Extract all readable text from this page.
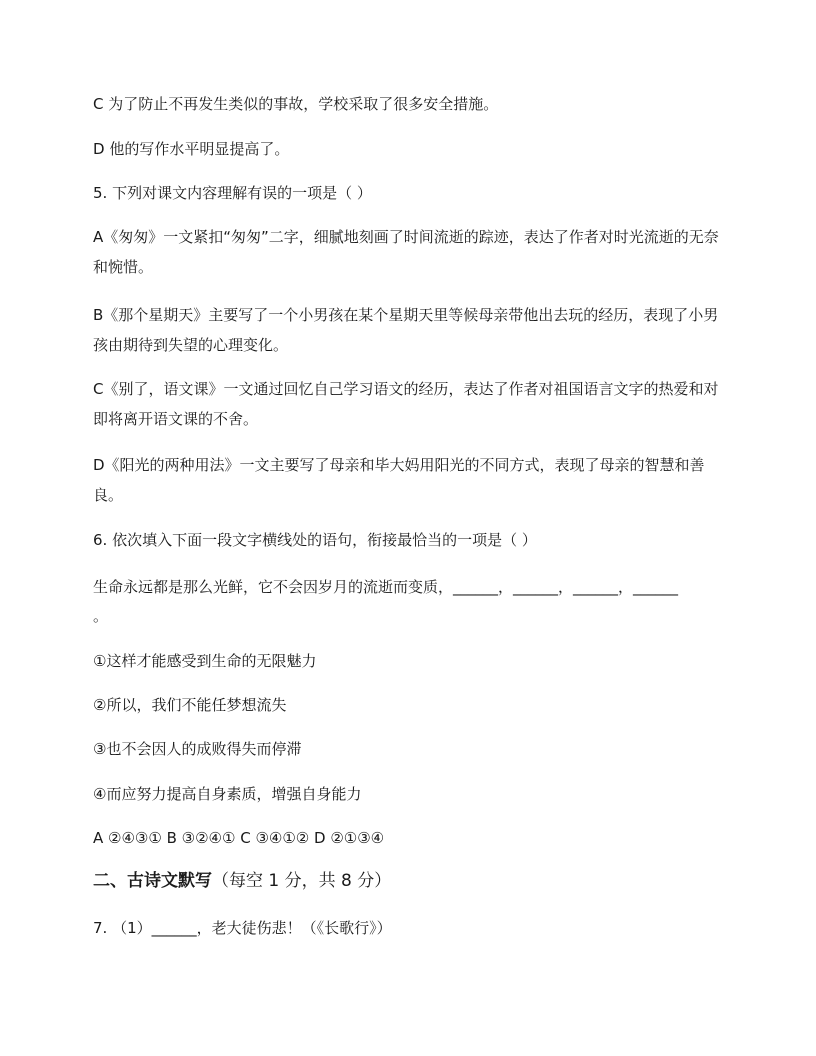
C 为了防止不再发生类似的事故，学校采取了很多安全措施。
D 他的写作水平明显提高了。
5. 下列对课文内容理解有误的一项是（ ）
A《匆匆》一文紧扣“匆匆”二字，细腻地刻画了时间流逝的踪迹，表达了作者对时光流逝的无奈和惋惜。
B《那个星期天》主要写了一个小男孩在某个星期天里等候母亲带他出去玩的经历，表现了小男孩由期待到失望的心理变化。
C《别了，语文课》一文通过回忆自己学习语文的经历，表达了作者对祖国语言文字的热爱和对即将离开语文课的不舍。
D《阳光的两种用法》一文主要写了母亲和毕大妈用阳光的不同方式，表现了母亲的智慧和善良。
6. 依次填入下面一段文字横线处的语句，衔接最恰当的一项是（ ）
生命永远都是那么光鲜，它不会因岁月的流逝而变质，______，______，______，______
。
①这样才能感受到生命的无限魅力
②所以，我们不能任梦想流失
③也不会因人的成败得失而停滞
④而应努力提高自身素质，增强自身能力
A ②④③① B ③②④① C ③④①② D ②①③④
二、古诗文默写（每空 1 分，共 8 分）
7. （1）______，老大徒伤悲！（《长歌行》）
